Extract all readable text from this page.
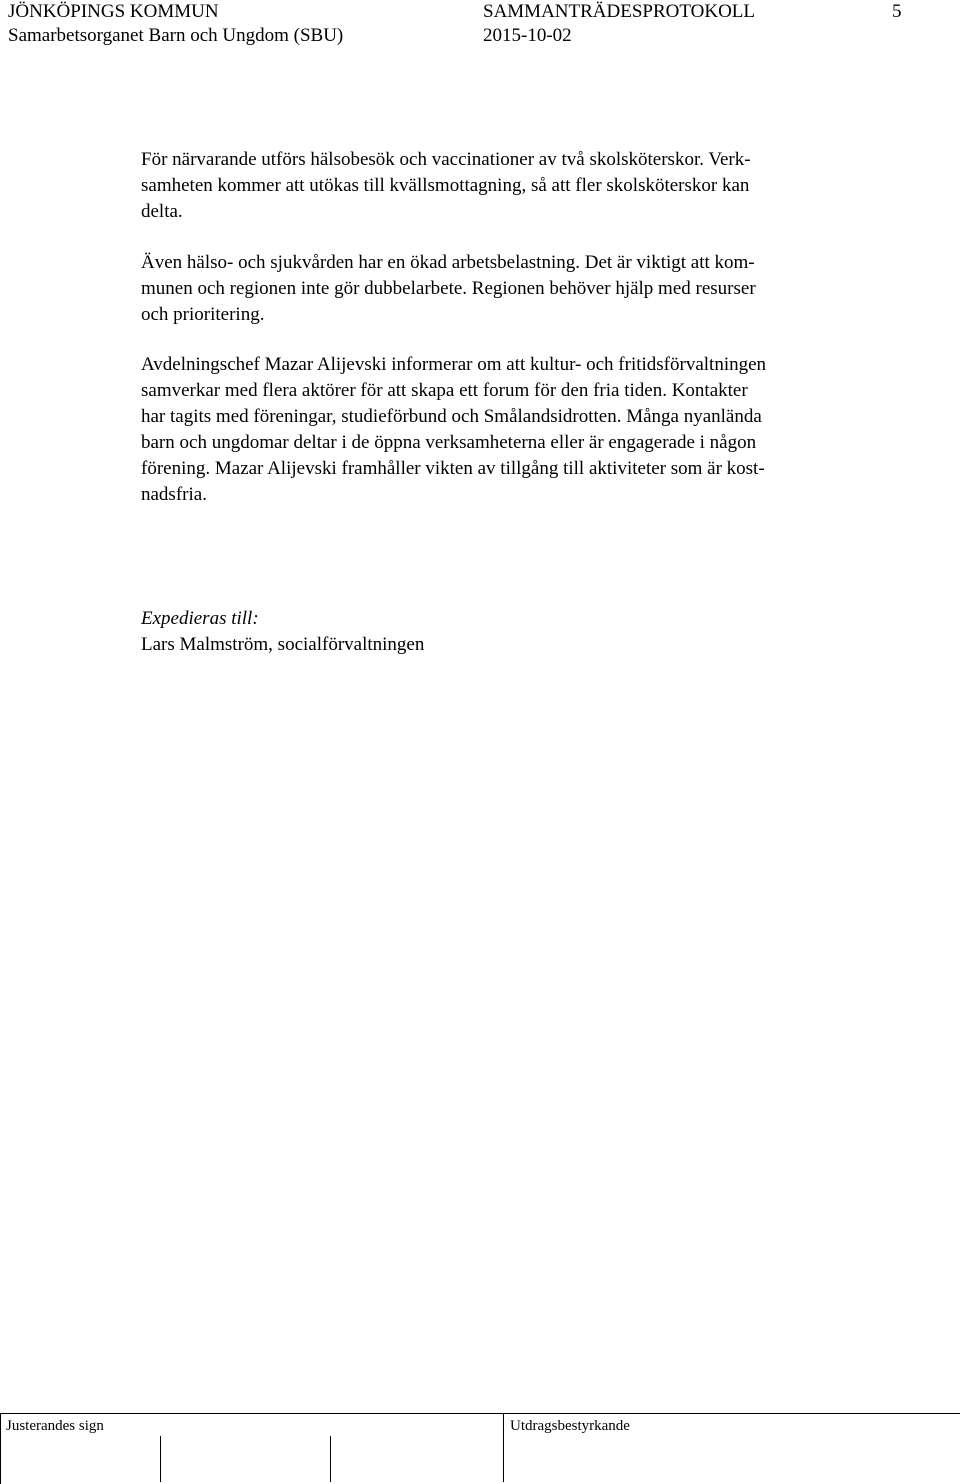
JÖNKÖPINGS KOMMUN
Samarbetsorganet Barn och Ungdom (SBU)
SAMMANTRÄDESPROTOKOLL
2015-10-02
5

För närvarande utförs hälsobesök och vaccinationer av två skolsköterskor. Verk-
samheten kommer att utökas till kvällsmottagning, så att fler skolsköterskor kan
delta.

Även hälso- och sjukvården har en ökad arbetsbelastning. Det är viktigt att kom-
munen och regionen inte gör dubbelarbete. Regionen behöver hjälp med resurser
och prioritering.

Avdelningschef Mazar Alijevski informerar om att kultur- och fritidsförvaltningen
samverkar med flera aktörer för att skapa ett forum för den fria tiden. Kontakter
har tagits med föreningar, studieförbund och Smålandsidrotten. Många nyanlända
barn och ungdomar deltar i de öppna verksamheterna eller är engagerade i någon
förening. Mazar Alijevski framhåller vikten av tillgång till aktiviteter som är kost-
nadsfria.

Expedieras till:
Lars Malmström, socialförvaltningen

Justerandes sign	Utdragsbestyrkande
